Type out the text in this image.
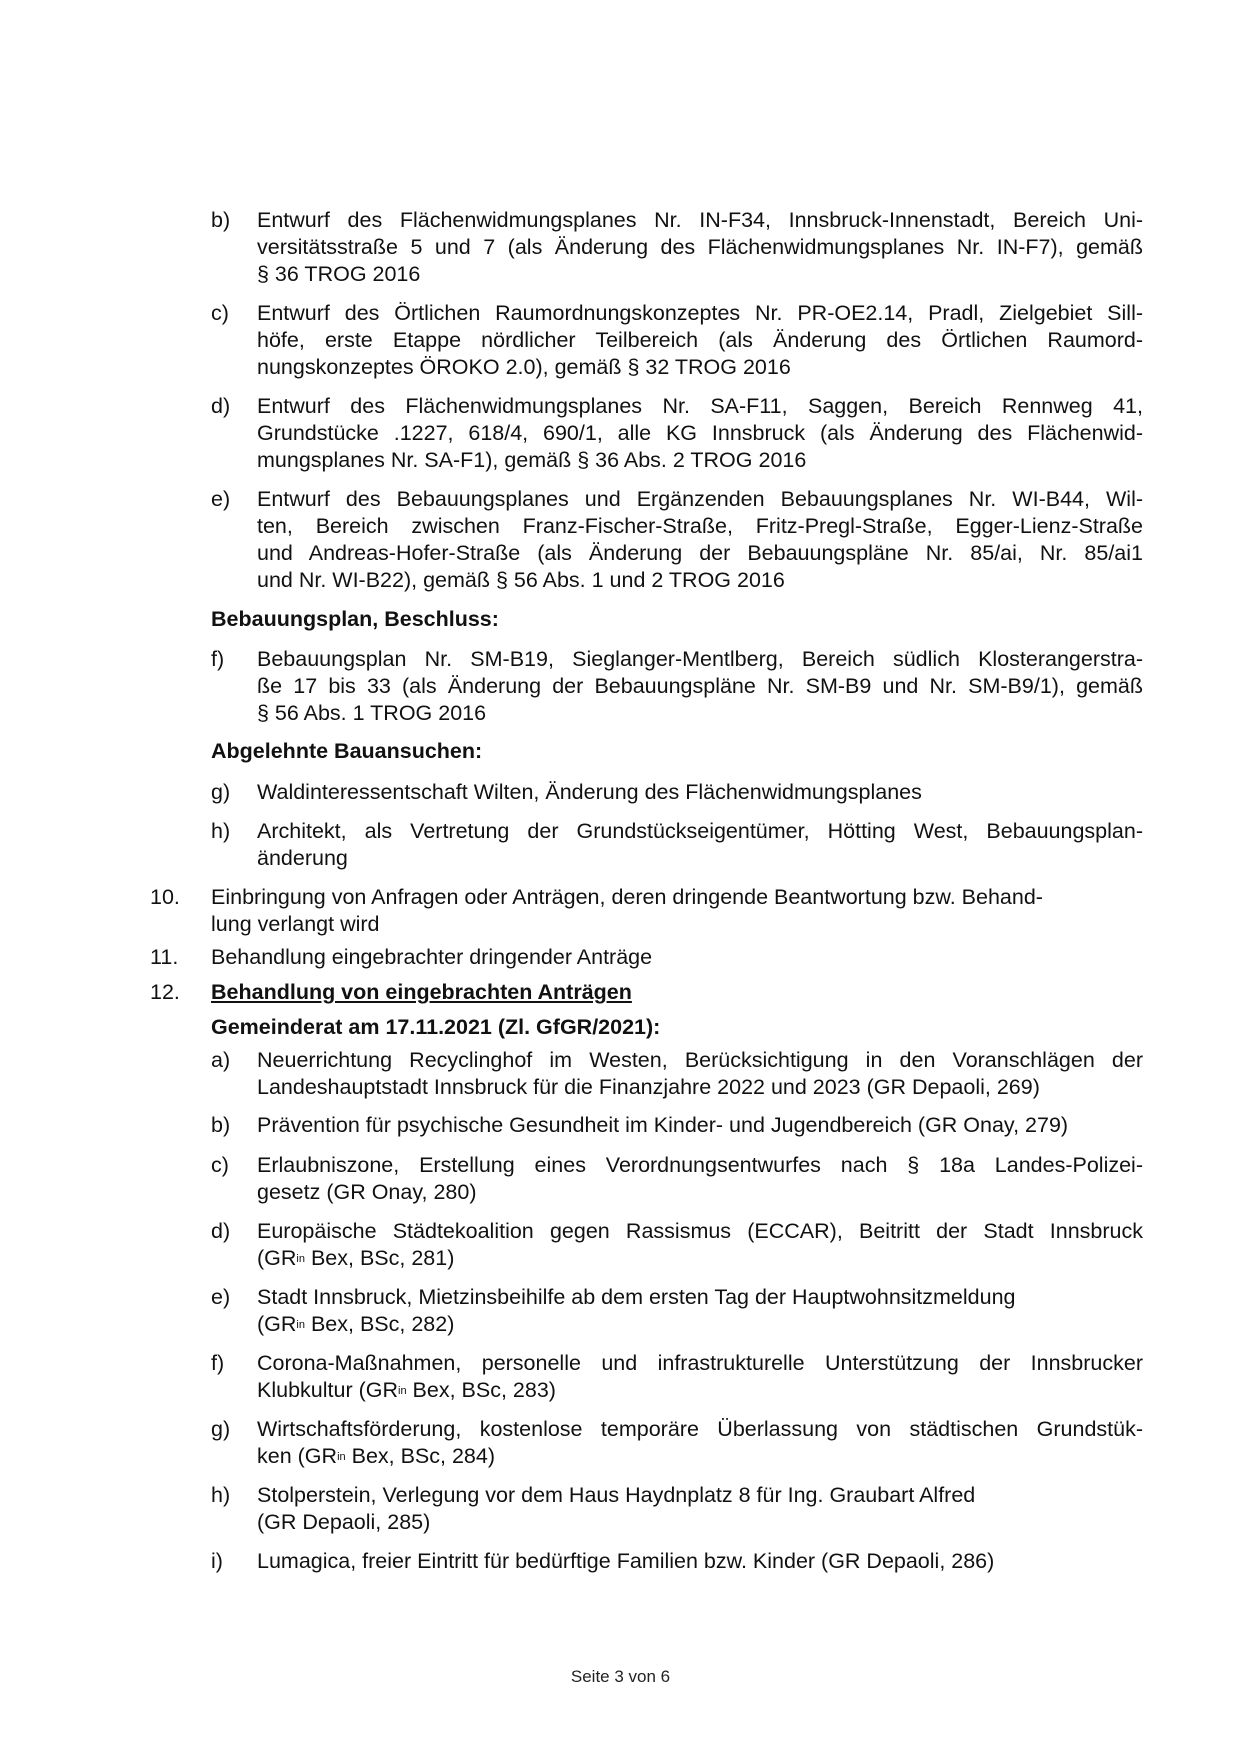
b) Entwurf des Flächenwidmungsplanes Nr. IN-F34, Innsbruck-Innenstadt, Bereich Uni-
versitätsstraße 5 und 7 (als Änderung des Flächenwidmungsplanes Nr. IN-F7), gemäß
§ 36 TROG 2016
c) Entwurf des Örtlichen Raumordnungskonzeptes Nr. PR-OE2.14, Pradl, Zielgebiet Sill-
höfe, erste Etappe nördlicher Teilbereich (als Änderung des Örtlichen Raumord-
nungskonzeptes ÖROKO 2.0), gemäß § 32 TROG 2016
d) Entwurf des Flächenwidmungsplanes Nr. SA-F11, Saggen, Bereich Rennweg 41,
Grundstücke .1227, 618/4, 690/1, alle KG Innsbruck (als Änderung des Flächenwid-
mungsplanes Nr. SA-F1), gemäß § 36 Abs. 2 TROG 2016
e) Entwurf des Bebauungsplanes und Ergänzenden Bebauungsplanes Nr. WI-B44, Wil-
ten, Bereich zwischen Franz-Fischer-Straße, Fritz-Pregl-Straße, Egger-Lienz-Straße
und Andreas-Hofer-Straße (als Änderung der Bebauungspläne Nr. 85/ai, Nr. 85/ai1
und Nr. WI-B22), gemäß § 56 Abs. 1 und 2 TROG 2016
Bebauungsplan, Beschluss:
f) Bebauungsplan Nr. SM-B19, Sieglanger-Mentlberg, Bereich südlich Klosterangerstra-
ße 17 bis 33 (als Änderung der Bebauungspläne Nr. SM-B9 und Nr. SM-B9/1), gemäß
§ 56 Abs. 1 TROG 2016
Abgelehnte Bauansuchen:
g) Waldinteressentschaft Wilten, Änderung des Flächenwidmungsplanes
h) Architekt, als Vertretung der Grundstückseigentümer, Hötting West, Bebauungsplan-
änderung
10. Einbringung von Anfragen oder Anträgen, deren dringende Beantwortung bzw. Behand-
lung verlangt wird
11. Behandlung eingebrachter dringender Anträge
12. Behandlung von eingebrachten Anträgen
Gemeinderat am 17.11.2021 (Zl. GfGR/2021):
a) Neuerrichtung Recyclinghof im Westen, Berücksichtigung in den Voranschlägen der
Landeshauptstadt Innsbruck für die Finanzjahre 2022 und 2023 (GR Depaoli, 269)
b) Prävention für psychische Gesundheit im Kinder- und Jugendbereich (GR Onay, 279)
c) Erlaubniszone, Erstellung eines Verordnungsentwurfes nach § 18a Landes-Polizei-
gesetz (GR Onay, 280)
d) Europäische Städtekoalition gegen Rassismus (ECCAR), Beitritt der Stadt Innsbruck
($GR^{in}$ Bex, BSc, 281)
e) Stadt Innsbruck, Mietzinsbeihilfe ab dem ersten Tag der Hauptwohnsitzmeldung
($GR^{in}$ Bex, BSc, 282)
f) Corona-Maßnahmen, personelle und infrastrukturelle Unterstützung der Innsbrucker
Klubkultur ($GR^{in}$ Bex, BSc, 283)
g) Wirtschaftsförderung, kostenlose temporäre Überlassung von städtischen Grundstük-
ken ($GR^{in}$ Bex, BSc, 284)
h) Stolperstein, Verlegung vor dem Haus Haydnplatz 8 für Ing. Graubart Alfred
(GR Depaoli, 285)
i) Lumagica, freier Eintritt für bedürftige Familien bzw. Kinder (GR Depaoli, 286)
Seite 3 von 6
